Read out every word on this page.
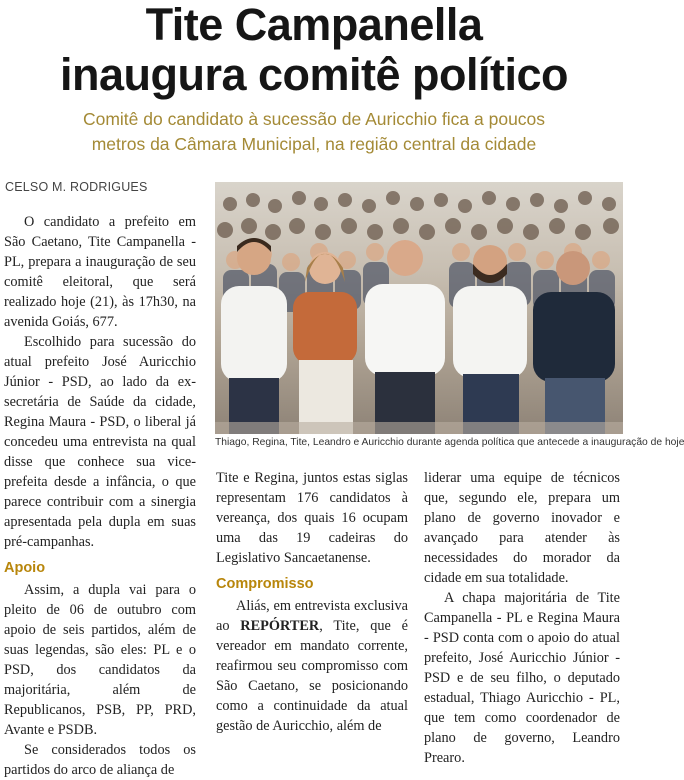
Tite Campanella
inaugura comitê político
Comitê do candidato à sucessão de Auricchio fica a poucos
metros da Câmara Municipal, na região central da cidade
CELSO M. RODRIGUES

O candidato a prefeito em São Caetano, Tite Campanella - PL, prepara a inauguração de seu comitê eleitoral, que será realizado hoje (21), às 17h30, na avenida Goiás, 677.

Escolhido para sucessão do atual prefeito José Auricchio Júnior - PSD, ao lado da ex-secretária de Saúde da cidade, Regina Maura - PSD, o liberal já concedeu uma entrevista na qual disse que conhece sua vice-prefeita desde a infância, o que parece contribuir com a sinergia apresentada pela dupla em suas pré-campanhas.

Apoio

Assim, a dupla vai para o pleito de 06 de outubro com apoio de seis partidos, além de suas legendas, são eles: PL e o PSD, dos candidatos da majoritária, além de Republicanos, PSB, PP, PRD, Avante e PSDB.

Se considerados todos os partidos do arco de aliança de

Thiago, Regina, Tite, Leandro e Auricchio durante agenda política que antecede a inauguração de hoje

Tite e Regina, juntos estas siglas representam 176 candidatos à vereança, dos quais 16 ocupam uma das 19 cadeiras do Legislativo Sancaetanense.

Compromisso

Aliás, em entrevista exclusiva ao REPÓRTER, Tite, que é vereador em mandato corrente, reafirmou seu compromisso com São Caetano, se posicionando como a continuidade da atual gestão de Auricchio, além de

liderar uma equipe de técnicos que, segundo ele, prepara um plano de governo inovador e avançado para atender às necessidades do morador da cidade em sua totalidade.

A chapa majoritária de Tite Campanella - PL e Regina Maura - PSD conta com o apoio do atual prefeito, José Auricchio Júnior - PSD e de seu filho, o deputado estadual, Thiago Auricchio - PL, que tem como coordenador de plano de governo, Leandro Prearo.
